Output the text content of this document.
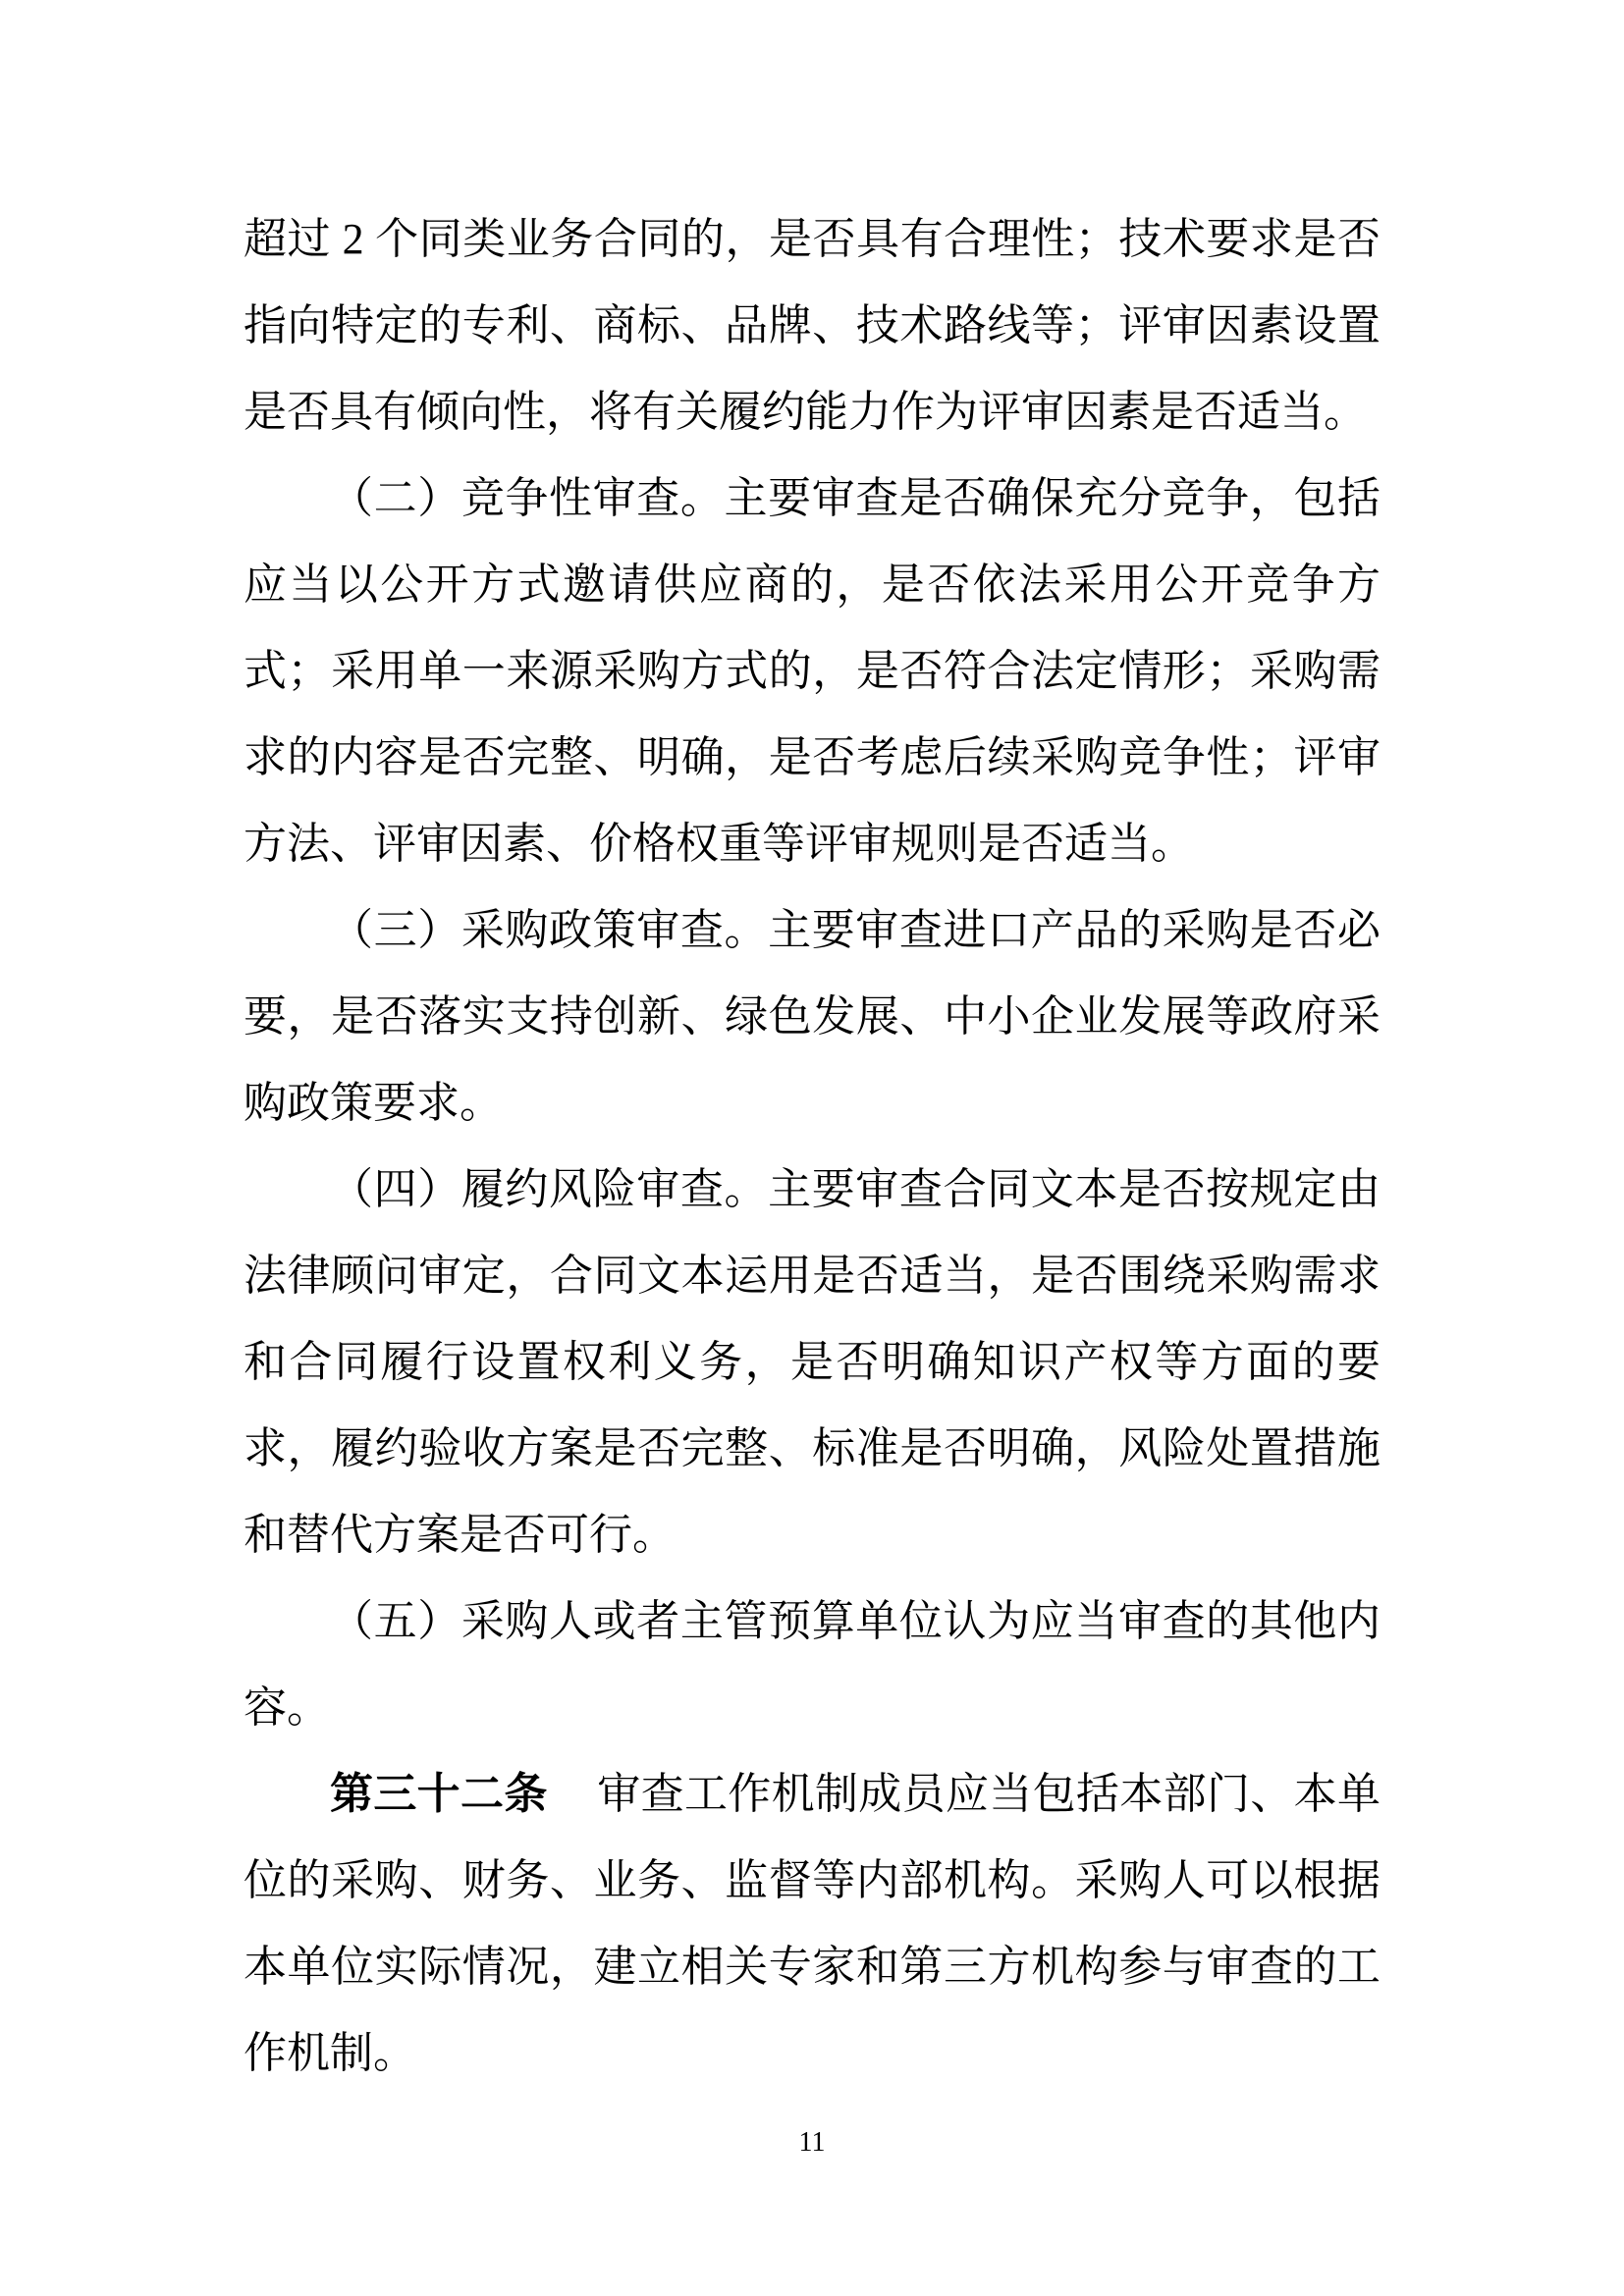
超过 2 个同类业务合同的，是否具有合理性；技术要求是否指向特定的专利、商标、品牌、技术路线等；评审因素设置是否具有倾向性，将有关履约能力作为评审因素是否适当。

（二）竞争性审查。主要审查是否确保充分竞争，包括应当以公开方式邀请供应商的，是否依法采用公开竞争方式；采用单一来源采购方式的，是否符合法定情形；采购需求的内容是否完整、明确，是否考虑后续采购竞争性；评审方法、评审因素、价格权重等评审规则是否适当。

（三）采购政策审查。主要审查进口产品的采购是否必要，是否落实支持创新、绿色发展、中小企业发展等政府采购政策要求。

（四）履约风险审查。主要审查合同文本是否按规定由法律顾问审定，合同文本运用是否适当，是否围绕采购需求和合同履行设置权利义务，是否明确知识产权等方面的要求，履约验收方案是否完整、标准是否明确，风险处置措施和替代方案是否可行。

（五）采购人或者主管预算单位认为应当审查的其他内容。

第三十二条 审查工作机制成员应当包括本部门、本单位的采购、财务、业务、监督等内部机构。采购人可以根据本单位实际情况，建立相关专家和第三方机构参与审查的工作机制。

11
